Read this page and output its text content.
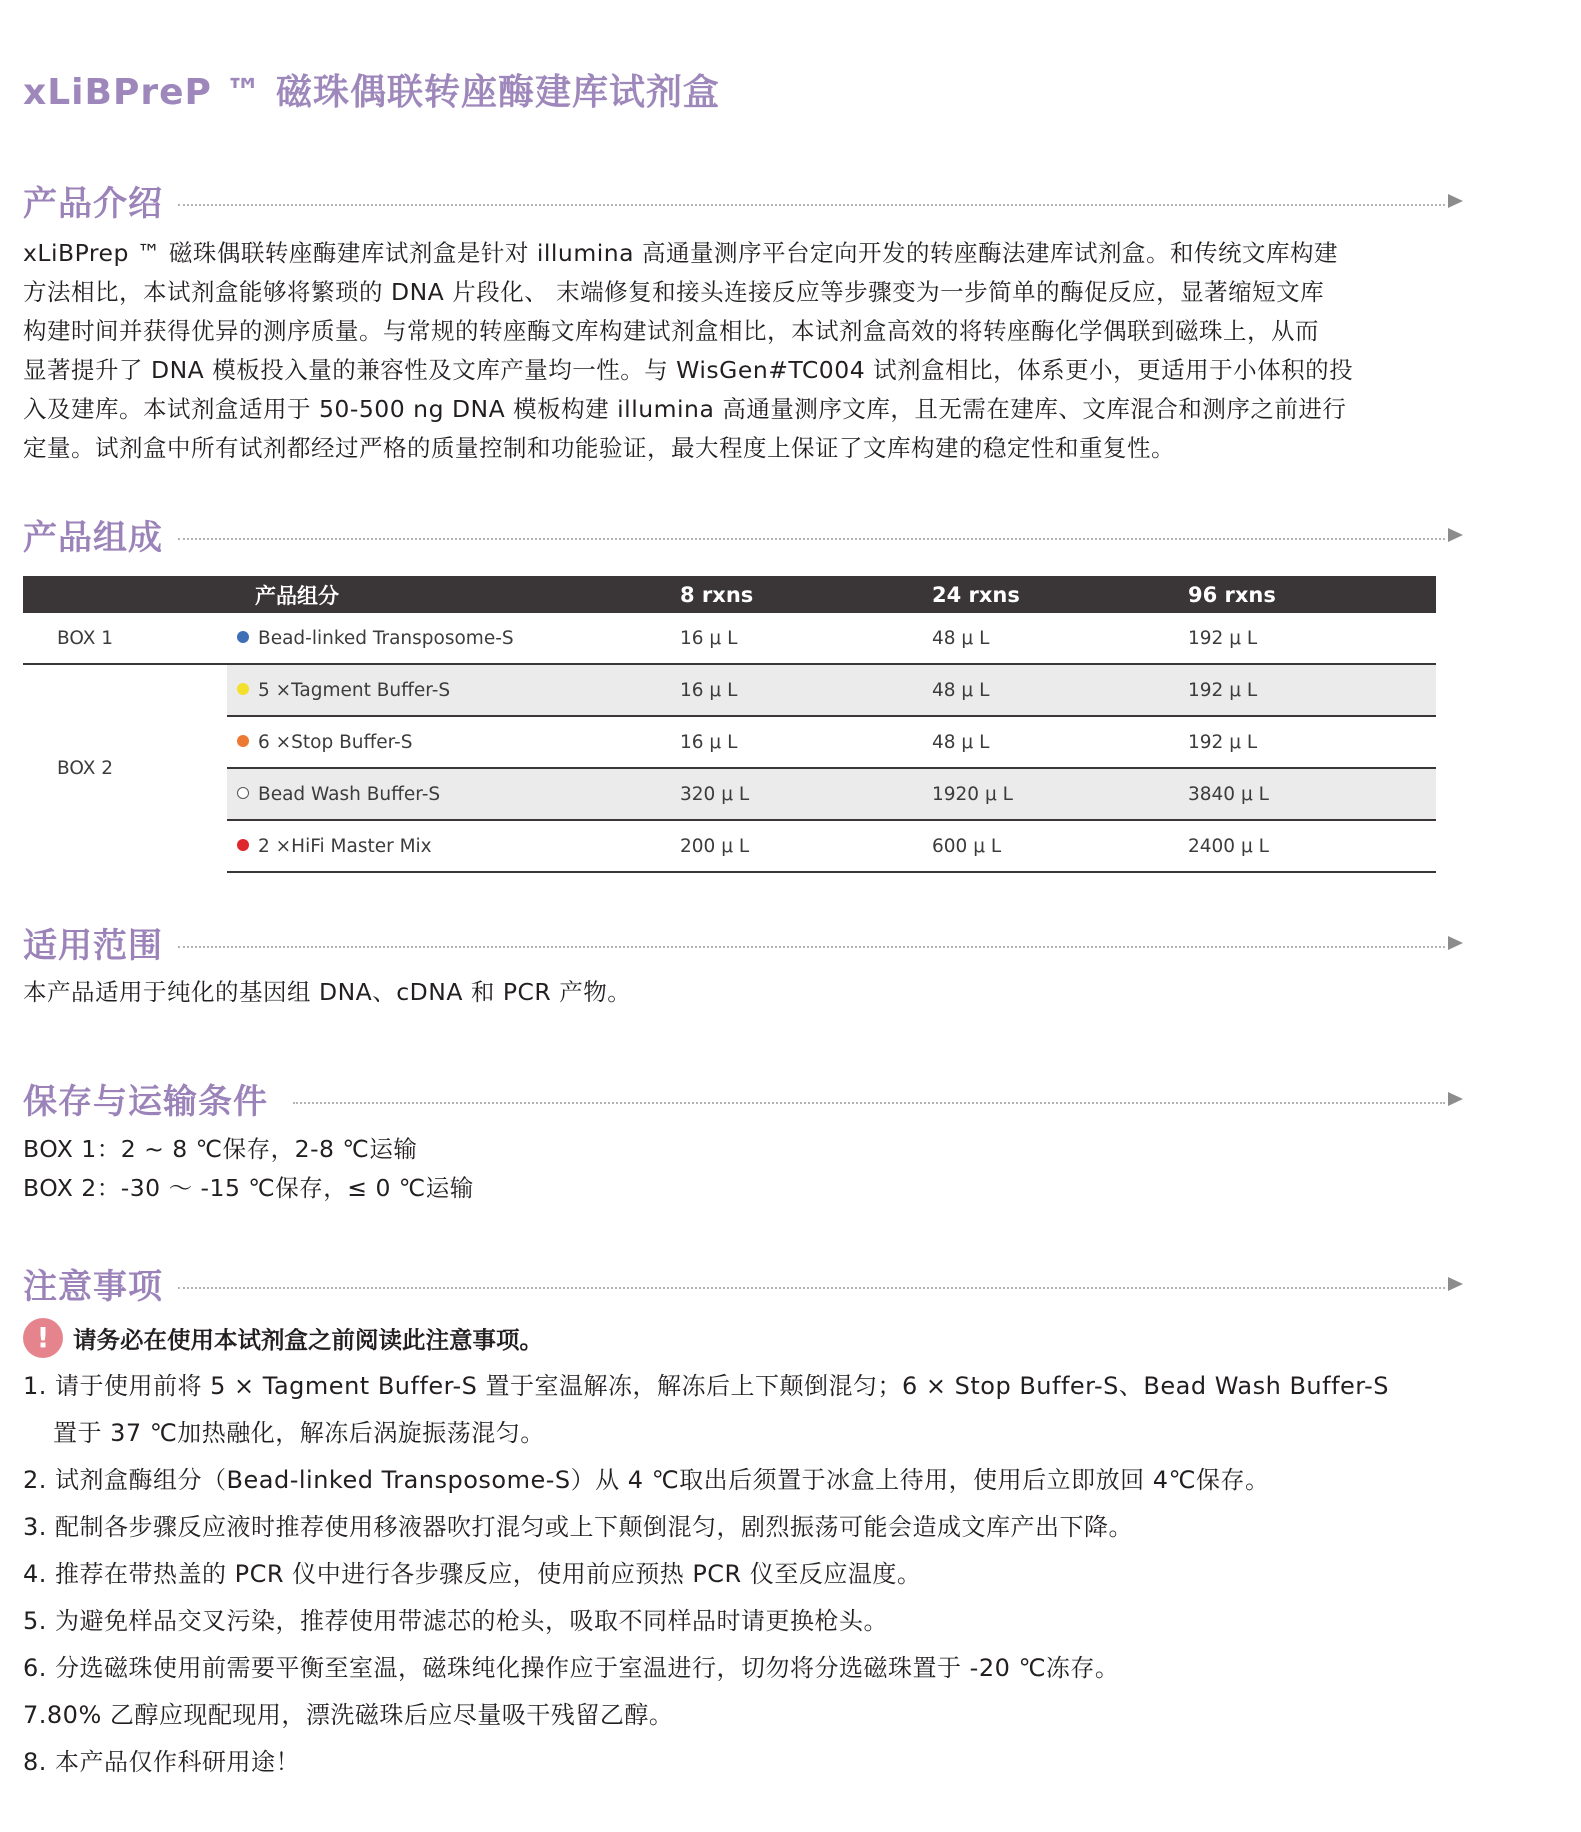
xLiBPreP ™ 磁珠偶联转座酶建库试剂盒
产品介绍
xLiBPrep ™ 磁珠偶联转座酶建库试剂盒是针对 illumina 高通量测序平台定向开发的转座酶法建库试剂盒。和传统文库构建
方法相比，本试剂盒能够将繁琐的 DNA 片段化、 末端修复和接头连接反应等步骤变为一步简单的酶促反应，显著缩短文库
构建时间并获得优异的测序质量。与常规的转座酶文库构建试剂盒相比，本试剂盒高效的将转座酶化学偶联到磁珠上，从而
显著提升了 DNA 模板投入量的兼容性及文库产量均一性。与 WisGen#TC004 试剂盒相比，体系更小，更适用于小体积的投
入及建库。本试剂盒适用于 50-500 ng DNA 模板构建 illumina 高通量测序文库，且无需在建库、文库混合和测序之前进行
定量。试剂盒中所有试剂都经过严格的质量控制和功能验证，最大程度上保证了文库构建的稳定性和重复性。
产品组成
	产品组分	8 rxns	24 rxns	96 rxns
BOX 1	Bead-linked Transposome-S	16 μ L	48 μ L	192 μ L
BOX 2	5 ×Tagment Buffer-S	16 μ L	48 μ L	192 μ L
	6 ×Stop Buffer-S	16 μ L	48 μ L	192 μ L
	Bead Wash Buffer-S	320 μ L	1920 μ L	3840 μ L
	2 ×HiFi Master Mix	200 μ L	600 μ L	2400 μ L
适用范围
本产品适用于纯化的基因组 DNA、cDNA 和 PCR 产物。
保存与运输条件
BOX 1：2 ~ 8 ℃保存，2-8 ℃运输
BOX 2：-30 ～ -15 ℃保存，≤ 0 ℃运输
注意事项
! 请务必在使用本试剂盒之前阅读此注意事项。
1. 请于使用前将 5 × Tagment Buffer-S 置于室温解冻，解冻后上下颠倒混匀；6 × Stop Buffer-S、Bead Wash Buffer-S
置于 37 ℃加热融化，解冻后涡旋振荡混匀。
2. 试剂盒酶组分（Bead-linked Transposome-S）从 4 ℃取出后须置于冰盒上待用，使用后立即放回 4℃保存。
3. 配制各步骤反应液时推荐使用移液器吹打混匀或上下颠倒混匀，剧烈振荡可能会造成文库产出下降。
4. 推荐在带热盖的 PCR 仪中进行各步骤反应，使用前应预热 PCR 仪至反应温度。
5. 为避免样品交叉污染，推荐使用带滤芯的枪头，吸取不同样品时请更换枪头。
6. 分选磁珠使用前需要平衡至室温，磁珠纯化操作应于室温进行，切勿将分选磁珠置于 -20 ℃冻存。
7.80% 乙醇应现配现用，漂洗磁珠后应尽量吸干残留乙醇。
8. 本产品仅作科研用途！
